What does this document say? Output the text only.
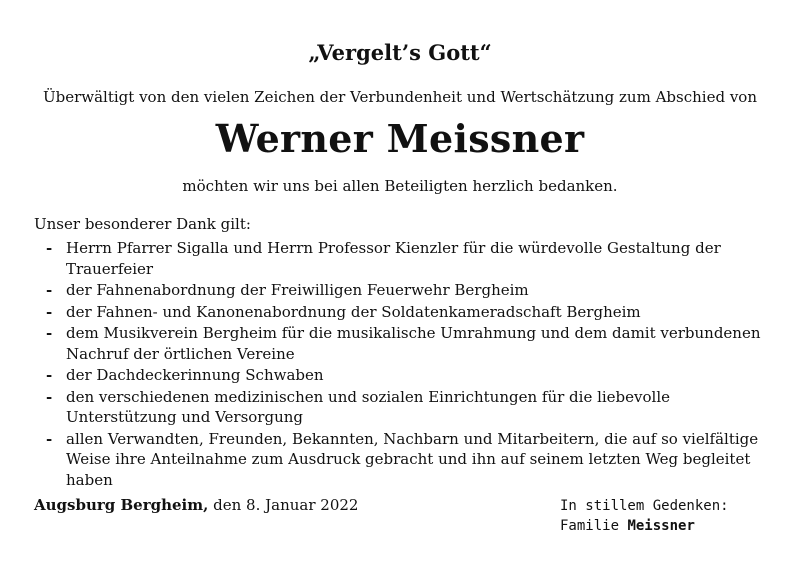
„Vergelt’s Gott“
Überwältigt von den vielen Zeichen der Verbundenheit und Wertschätzung zum Abschied von
Werner Meissner
möchten wir uns bei allen Beteiligten herzlich bedanken.
Unser besonderer Dank gilt:
- Herrn Pfarrer Sigalla und Herrn Professor Kienzler für die würdevolle Gestaltung der Trauerfeier
- der Fahnenabordnung der Freiwilligen Feuerwehr Bergheim
- der Fahnen- und Kanonenabordnung der Soldatenkameradschaft Bergheim
- dem Musikverein Bergheim für die musikalische Umrahmung und dem damit verbundenen Nachruf der örtlichen Vereine
- der Dachdeckerinnung Schwaben
- den verschiedenen medizinischen und sozialen Einrichtungen für die liebevolle Unterstützung und Versorgung
- allen Verwandten, Freunden, Bekannten, Nachbarn und Mitarbeitern, die auf so vielfältige Weise ihre Anteilnahme zum Ausdruck gebracht und ihn auf seinem letzten Weg begleitet haben
Augsburg Bergheim, den 8. Januar 2022	In stillem Gedenken:
Familie Meissner
